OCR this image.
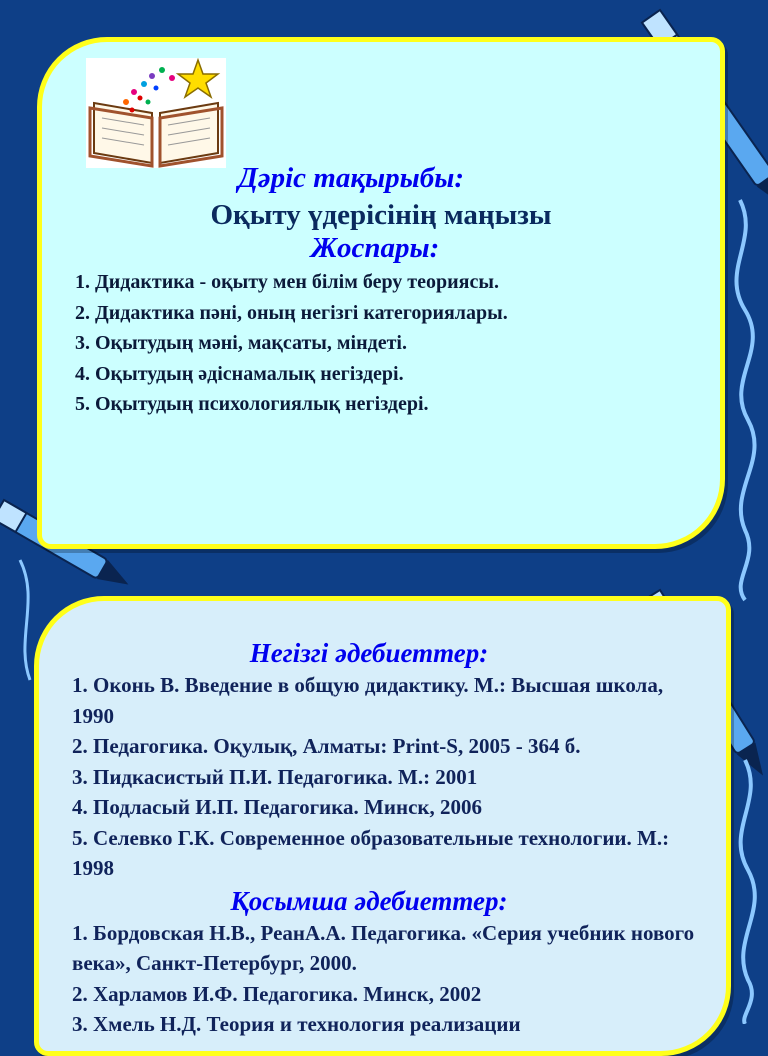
Дәріс тақырыбы:

Оқыту үдерісінің маңызы

Жоспары:

1. Дидактика - оқыту мен білім беру теориясы.
2. Дидактика пәні, оның негізгі категориялары.
3. Оқытудың мәні, мақсаты, міндеті.
4. Оқытудың әдіснамалық негіздері.
5. Оқытудың психологиялық негіздері.

Негізгі әдебиеттер:

1. Оконь В. Введение в общую дидактику. М.: Высшая школа, 1990
2. Педагогика. Оқулық, Алматы: Print-S, 2005 - 364 б.
3. Пидкасистый П.И. Педагогика. М.: 2001
4. Подласый И.П. Педагогика. Минск, 2006
5. Селевко Г.К. Современное образовательные технологии. М.: 1998

Қосымша әдебиеттер:

1. Бордовская Н.В., РеанА.А. Педагогика. «Серия учебник нового века», Санкт-Петербург, 2000.
2. Харламов И.Ф. Педагогика. Минск, 2002
3. Хмель Н.Д. Теория и технология реализации
